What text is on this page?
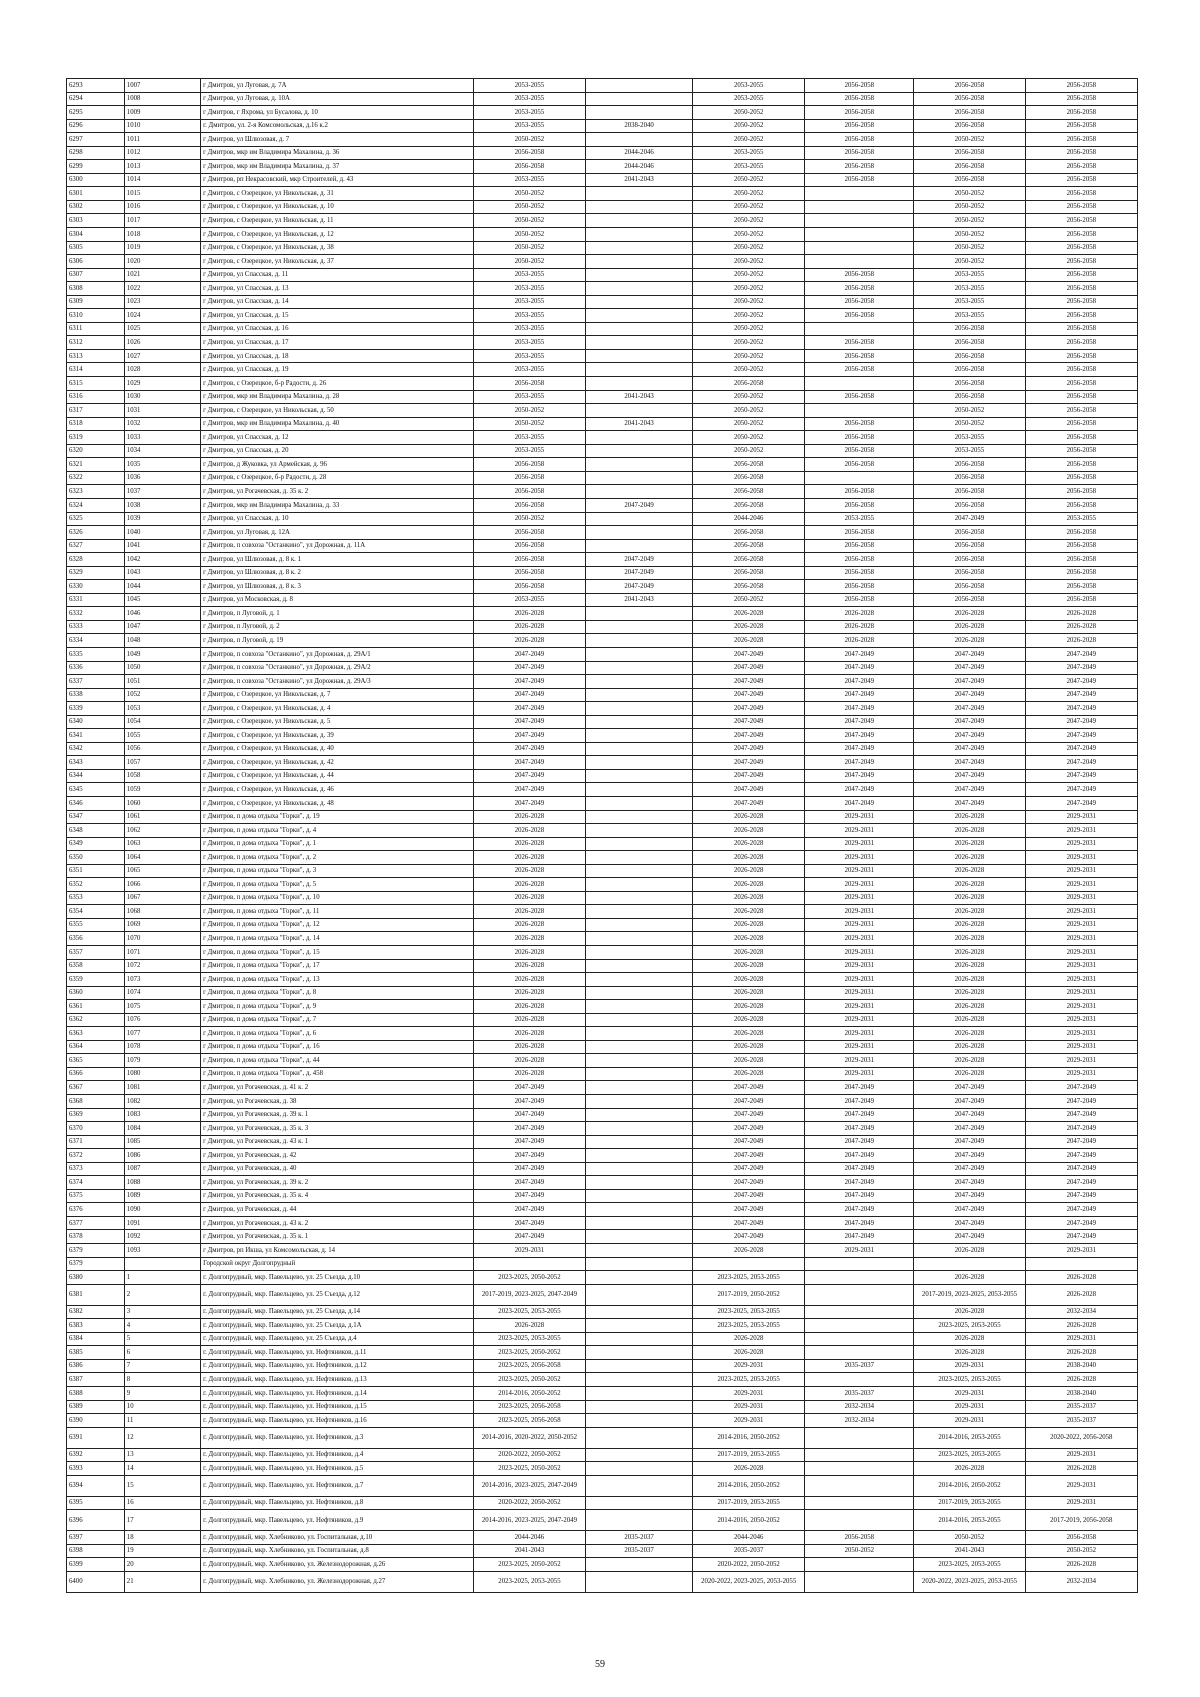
6293	1007	г Дмитров, ул Луговая, д. 7А	2053-2055		2053-2055	2056-2058	2056-2058	2056-2058
6294	1008	г Дмитров, ул Луговая, д. 10А	2053-2055		2053-2055	2056-2058	2056-2058	2056-2058
6295	1009	г Дмитров, г Яхрома, ул Бусалова, д. 10	2053-2055		2050-2052	2056-2058	2056-2058	2056-2058
6296	1010	г. Дмитров, ул. 2-я Комсомольская, д.16 к.2	2053-2055	2038-2040	2050-2052	2056-2058	2056-2058	2056-2058
6297	1011	г Дмитров, ул Шлюзовая, д. 7	2050-2052		2050-2052	2056-2058	2050-2052	2056-2058
6298	1012	г Дмитров, мкр им Владимира Махалина, д. 36	2056-2058	2044-2046	2053-2055	2056-2058	2056-2058	2056-2058
6299	1013	г Дмитров, мкр им Владимира Махалина, д. 37	2056-2058	2044-2046	2053-2055	2056-2058	2056-2058	2056-2058
6300	1014	г Дмитров, рп Некрасовский, мкр Строителей, д. 43	2053-2055	2041-2043	2050-2052	2056-2058	2056-2058	2056-2058
6301	1015	г Дмитров, с Озерецкое, ул Никольская, д. 31	2050-2052		2050-2052		2050-2052	2056-2058
6302	1016	г Дмитров, с Озерецкое, ул Никольская, д. 10	2050-2052		2050-2052		2050-2052	2056-2058
6303	1017	г Дмитров, с Озерецкое, ул Никольская, д. 11	2050-2052		2050-2052		2050-2052	2056-2058
6304	1018	г Дмитров, с Озерецкое, ул Никольская, д. 12	2050-2052		2050-2052		2050-2052	2056-2058
6305	1019	г Дмитров, с Озерецкое, ул Никольская, д. 38	2050-2052		2050-2052		2050-2052	2056-2058
6306	1020	г Дмитров, с Озерецкое, ул Никольская, д. 37	2050-2052		2050-2052		2050-2052	2056-2058
6307	1021	г Дмитров, ул Спасская, д. 11	2053-2055		2050-2052	2056-2058	2053-2055	2056-2058
6308	1022	г Дмитров, ул Спасская, д. 13	2053-2055		2050-2052	2056-2058	2053-2055	2056-2058
6309	1023	г Дмитров, ул Спасская, д. 14	2053-2055		2050-2052	2056-2058	2053-2055	2056-2058
6310	1024	г Дмитров, ул Спасская, д. 15	2053-2055		2050-2052	2056-2058	2053-2055	2056-2058
6311	1025	г Дмитров, ул Спасская, д. 16	2053-2055		2050-2052		2056-2058	2056-2058
6312	1026	г Дмитров, ул Спасская, д. 17	2053-2055		2050-2052	2056-2058	2056-2058	2056-2058
6313	1027	г Дмитров, ул Спасская, д. 18	2053-2055		2050-2052	2056-2058	2056-2058	2056-2058
6314	1028	г Дмитров, ул Спасская, д. 19	2053-2055		2050-2052	2056-2058	2056-2058	2056-2058
6315	1029	г Дмитров, с Озерецкое, б-р Радости, д. 26	2056-2058		2056-2058		2056-2058	2056-2058
6316	1030	г Дмитров, мкр им Владимира Махалина, д. 28	2053-2055	2041-2043	2050-2052	2056-2058	2056-2058	2056-2058
6317	1031	г Дмитров, с Озерецкое, ул Никольская, д. 50	2050-2052		2050-2052		2050-2052	2056-2058
6318	1032	г Дмитров, мкр им Владимира Махалина, д. 40	2050-2052	2041-2043	2050-2052	2056-2058	2050-2052	2056-2058
6319	1033	г Дмитров, ул Спасская, д. 12	2053-2055		2050-2052	2056-2058	2053-2055	2056-2058
6320	1034	г Дмитров, ул Спасская, д. 20	2053-2055		2050-2052	2056-2058	2053-2055	2056-2058
6321	1035	г Дмитров, д Жуковка, ул Армейская, д. 96	2056-2058		2056-2058	2056-2058	2056-2058	2056-2058
6322	1036	г Дмитров, с Озерецкое, б-р Радости, д. 28	2056-2058		2056-2058		2056-2058	2056-2058
6323	1037	г Дмитров, ул Рогачевская, д. 35 к. 2	2056-2058		2056-2058	2056-2058	2056-2058	2056-2058
6324	1038	г Дмитров, мкр им Владимира Махалина, д. 33	2056-2058	2047-2049	2056-2058	2056-2058	2056-2058	2056-2058
6325	1039	г Дмитров, ул Спасская, д. 10	2050-2052		2044-2046	2053-2055	2047-2049	2053-2055
6326	1040	г Дмитров, ул Луговая, д. 12А	2056-2058		2056-2058	2056-2058	2056-2058	2056-2058
6327	1041	г Дмитров, п совхоза "Останкино", ул Дорожная, д. 11А	2056-2058		2056-2058	2056-2058	2056-2058	2056-2058
6328	1042	г Дмитров, ул Шлюзовая, д. 8 к. 1	2056-2058	2047-2049	2056-2058	2056-2058	2056-2058	2056-2058
6329	1043	г Дмитров, ул Шлюзовая, д. 8 к. 2	2056-2058	2047-2049	2056-2058	2056-2058	2056-2058	2056-2058
6330	1044	г Дмитров, ул Шлюзовая, д. 8 к. 3	2056-2058	2047-2049	2056-2058	2056-2058	2056-2058	2056-2058
6331	1045	г Дмитров, ул Московская, д. 8	2053-2055	2041-2043	2050-2052	2056-2058	2056-2058	2056-2058
6332	1046	г Дмитров, п Луговой, д. 1	2026-2028		2026-2028	2026-2028	2026-2028	2026-2028
6333	1047	г Дмитров, п Луговой, д. 2	2026-2028		2026-2028	2026-2028	2026-2028	2026-2028
6334	1048	г Дмитров, п Луговой, д. 19	2026-2028		2026-2028	2026-2028	2026-2028	2026-2028
6335	1049	г Дмитров, п совхоза "Останкино", ул Дорожная, д. 29А/1	2047-2049		2047-2049	2047-2049	2047-2049	2047-2049
6336	1050	г Дмитров, п совхоза "Останкино", ул Дорожная, д. 29А/2	2047-2049		2047-2049	2047-2049	2047-2049	2047-2049
6337	1051	г Дмитров, п совхоза "Останкино", ул Дорожная, д. 29А/3	2047-2049		2047-2049	2047-2049	2047-2049	2047-2049
6338	1052	г Дмитров, с Озерецкое, ул Никольская, д. 7	2047-2049		2047-2049	2047-2049	2047-2049	2047-2049
6339	1053	г Дмитров, с Озерецкое, ул Никольская, д. 4	2047-2049		2047-2049	2047-2049	2047-2049	2047-2049
6340	1054	г Дмитров, с Озерецкое, ул Никольская, д. 5	2047-2049		2047-2049	2047-2049	2047-2049	2047-2049
6341	1055	г Дмитров, с Озерецкое, ул Никольская, д. 39	2047-2049		2047-2049	2047-2049	2047-2049	2047-2049
6342	1056	г Дмитров, с Озерецкое, ул Никольская, д. 40	2047-2049		2047-2049	2047-2049	2047-2049	2047-2049
6343	1057	г Дмитров, с Озерецкое, ул Никольская, д. 42	2047-2049		2047-2049	2047-2049	2047-2049	2047-2049
6344	1058	г Дмитров, с Озерецкое, ул Никольская, д. 44	2047-2049		2047-2049	2047-2049	2047-2049	2047-2049
6345	1059	г Дмитров, с Озерецкое, ул Никольская, д. 46	2047-2049		2047-2049	2047-2049	2047-2049	2047-2049
6346	1060	г Дмитров, с Озерецкое, ул Никольская, д. 48	2047-2049		2047-2049	2047-2049	2047-2049	2047-2049
6347	1061	г Дмитров, п дома отдыха "Горки", д. 19	2026-2028		2026-2028	2029-2031	2026-2028	2029-2031
6348	1062	г Дмитров, п дома отдыха "Горки", д. 4	2026-2028		2026-2028	2029-2031	2026-2028	2029-2031
6349	1063	г Дмитров, п дома отдыха "Горки", д. 1	2026-2028		2026-2028	2029-2031	2026-2028	2029-2031
6350	1064	г Дмитров, п дома отдыха "Горки", д. 2	2026-2028		2026-2028	2029-2031	2026-2028	2029-2031
6351	1065	г Дмитров, п дома отдыха "Горки", д. 3	2026-2028		2026-2028	2029-2031	2026-2028	2029-2031
6352	1066	г Дмитров, п дома отдыха "Горки", д. 5	2026-2028		2026-2028	2029-2031	2026-2028	2029-2031
6353	1067	г Дмитров, п дома отдыха "Горки", д. 10	2026-2028		2026-2028	2029-2031	2026-2028	2029-2031
6354	1068	г Дмитров, п дома отдыха "Горки", д. 11	2026-2028		2026-2028	2029-2031	2026-2028	2029-2031
6355	1069	г Дмитров, п дома отдыха "Горки", д. 12	2026-2028		2026-2028	2029-2031	2026-2028	2029-2031
6356	1070	г Дмитров, п дома отдыха "Горки", д. 14	2026-2028		2026-2028	2029-2031	2026-2028	2029-2031
6357	1071	г Дмитров, п дома отдыха "Горки", д. 15	2026-2028		2026-2028	2029-2031	2026-2028	2029-2031
6358	1072	г Дмитров, п дома отдыха "Горки", д. 17	2026-2028		2026-2028	2029-2031	2026-2028	2029-2031
6359	1073	г Дмитров, п дома отдыха "Горки", д. 13	2026-2028		2026-2028	2029-2031	2026-2028	2029-2031
6360	1074	г Дмитров, п дома отдыха "Горки", д. 8	2026-2028		2026-2028	2029-2031	2026-2028	2029-2031
6361	1075	г Дмитров, п дома отдыха "Горки", д. 9	2026-2028		2026-2028	2029-2031	2026-2028	2029-2031
6362	1076	г Дмитров, п дома отдыха "Горки", д. 7	2026-2028		2026-2028	2029-2031	2026-2028	2029-2031
6363	1077	г Дмитров, п дома отдыха "Горки", д. 6	2026-2028		2026-2028	2029-2031	2026-2028	2029-2031
6364	1078	г Дмитров, п дома отдыха "Горки", д. 16	2026-2028		2026-2028	2029-2031	2026-2028	2029-2031
6365	1079	г Дмитров, п дома отдыха "Горки", д. 44	2026-2028		2026-2028	2029-2031	2026-2028	2029-2031
6366	1080	г Дмитров, п дома отдыха "Горки", д. 458	2026-2028		2026-2028	2029-2031	2026-2028	2029-2031
6367	1081	г Дмитров, ул Рогачевская, д. 41 к. 2	2047-2049		2047-2049	2047-2049	2047-2049	2047-2049
6368	1082	г Дмитров, ул Рогачевская, д. 38	2047-2049		2047-2049	2047-2049	2047-2049	2047-2049
6369	1083	г Дмитров, ул Рогачевская, д. 39 к. 1	2047-2049		2047-2049	2047-2049	2047-2049	2047-2049
6370	1084	г Дмитров, ул Рогачевская, д. 35 к. 3	2047-2049		2047-2049	2047-2049	2047-2049	2047-2049
6371	1085	г Дмитров, ул Рогачевская, д. 43 к. 1	2047-2049		2047-2049	2047-2049	2047-2049	2047-2049
6372	1086	г Дмитров, ул Рогачевская, д. 42	2047-2049		2047-2049	2047-2049	2047-2049	2047-2049
6373	1087	г Дмитров, ул Рогачевская, д. 40	2047-2049		2047-2049	2047-2049	2047-2049	2047-2049
6374	1088	г Дмитров, ул Рогачевская, д. 39 к. 2	2047-2049		2047-2049	2047-2049	2047-2049	2047-2049
6375	1089	г Дмитров, ул Рогачевская, д. 35 к. 4	2047-2049		2047-2049	2047-2049	2047-2049	2047-2049
6376	1090	г Дмитров, ул Рогачевская, д. 44	2047-2049		2047-2049	2047-2049	2047-2049	2047-2049
6377	1091	г Дмитров, ул Рогачевская, д. 43 к. 2	2047-2049		2047-2049	2047-2049	2047-2049	2047-2049
6378	1092	г Дмитров, ул Рогачевская, д. 35 к. 1	2047-2049		2047-2049	2047-2049	2047-2049	2047-2049
6379	1093	г Дмитров, рп Икша, ул Комсомольская, д. 14	2029-2031		2026-2028	2029-2031	2026-2028	2029-2031
6379		Городской округ Долгопрудный						
6380	1	г. Долгопрудный, мкр. Павельцево, ул. 25 Съезда, д.10	2023-2025, 2050-2052		2023-2025, 2053-2055		2026-2028	2026-2028
6381	2	г. Долгопрудный, мкр. Павельцево, ул. 25 Съезда, д.12	2017-2019, 2023-2025, 2047-2049		2017-2019, 2050-2052		2017-2019, 2023-2025, 2053-2055	2026-2028
6382	3	г. Долгопрудный, мкр. Павельцево, ул. 25 Съезда, д.14	2023-2025, 2053-2055		2023-2025, 2053-2055		2026-2028	2032-2034
6383	4	г. Долгопрудный, мкр. Павельцево, ул. 25 Съезда, д.1А	2026-2028		2023-2025, 2053-2055		2023-2025, 2053-2055	2026-2028
6384	5	г. Долгопрудный, мкр. Павельцево, ул. 25 Съезда, д.4	2023-2025, 2053-2055		2026-2028		2026-2028	2029-2031
6385	6	г. Долгопрудный, мкр. Павельцево, ул. Нефтяников, д.11	2023-2025, 2050-2052		2026-2028		2026-2028	2026-2028
6386	7	г. Долгопрудный, мкр. Павельцево, ул. Нефтяников, д.12	2023-2025, 2056-2058		2029-2031	2035-2037	2029-2031	2038-2040
6387	8	г. Долгопрудный, мкр. Павельцево, ул. Нефтяников, д.13	2023-2025, 2050-2052		2023-2025, 2053-2055		2023-2025, 2053-2055	2026-2028
6388	9	г. Долгопрудный, мкр. Павельцево, ул. Нефтяников, д.14	2014-2016, 2050-2052		2029-2031	2035-2037	2029-2031	2038-2040
6389	10	г. Долгопрудный, мкр. Павельцево, ул. Нефтяников, д.15	2023-2025, 2056-2058		2029-2031	2032-2034	2029-2031	2035-2037
6390	11	г. Долгопрудный, мкр. Павельцево, ул. Нефтяников, д.16	2023-2025, 2056-2058		2029-2031	2032-2034	2029-2031	2035-2037
6391	12	г. Долгопрудный, мкр. Павельцево, ул. Нефтяников, д.3	2014-2016, 2020-2022, 2050-2052		2014-2016, 2050-2052		2014-2016, 2053-2055	2020-2022, 2056-2058
6392	13	г. Долгопрудный, мкр. Павельцево, ул. Нефтяников, д.4	2020-2022, 2050-2052		2017-2019, 2053-2055		2023-2025, 2053-2055	2029-2031
6393	14	г. Долгопрудный, мкр. Павельцево, ул. Нефтяников, д.5	2023-2025, 2050-2052		2026-2028		2026-2028	2026-2028
6394	15	г. Долгопрудный, мкр. Павельцево, ул. Нефтяников, д.7	2014-2016, 2023-2025, 2047-2049		2014-2016, 2050-2052		2014-2016, 2050-2052	2029-2031
6395	16	г. Долгопрудный, мкр. Павельцево, ул. Нефтяников, д.8	2020-2022, 2050-2052		2017-2019, 2053-2055		2017-2019, 2053-2055	2029-2031
6396	17	г. Долгопрудный, мкр. Павельцево, ул. Нефтяников, д.9	2014-2016, 2023-2025, 2047-2049		2014-2016, 2050-2052		2014-2016, 2053-2055	2017-2019, 2056-2058
6397	18	г. Долгопрудный, мкр. Хлебниково, ул. Госпитальная, д.10	2044-2046	2035-2037	2044-2046	2056-2058	2050-2052	2056-2058
6398	19	г. Долгопрудный, мкр. Хлебниково, ул. Госпитальная, д.8	2041-2043	2035-2037	2035-2037	2050-2052	2041-2043	2050-2052
6399	20	г. Долгопрудный, мкр. Хлебниково, ул. Железнодорожная, д.26	2023-2025, 2050-2052		2020-2022, 2050-2052		2023-2025, 2053-2055	2026-2028
6400	21	г. Долгопрудный, мкр. Хлебниково, ул. Железнодорожная, д.27	2023-2025, 2053-2055		2020-2022, 2023-2025, 2053-2055		2020-2022, 2023-2025, 2053-2055	2032-2034
59
